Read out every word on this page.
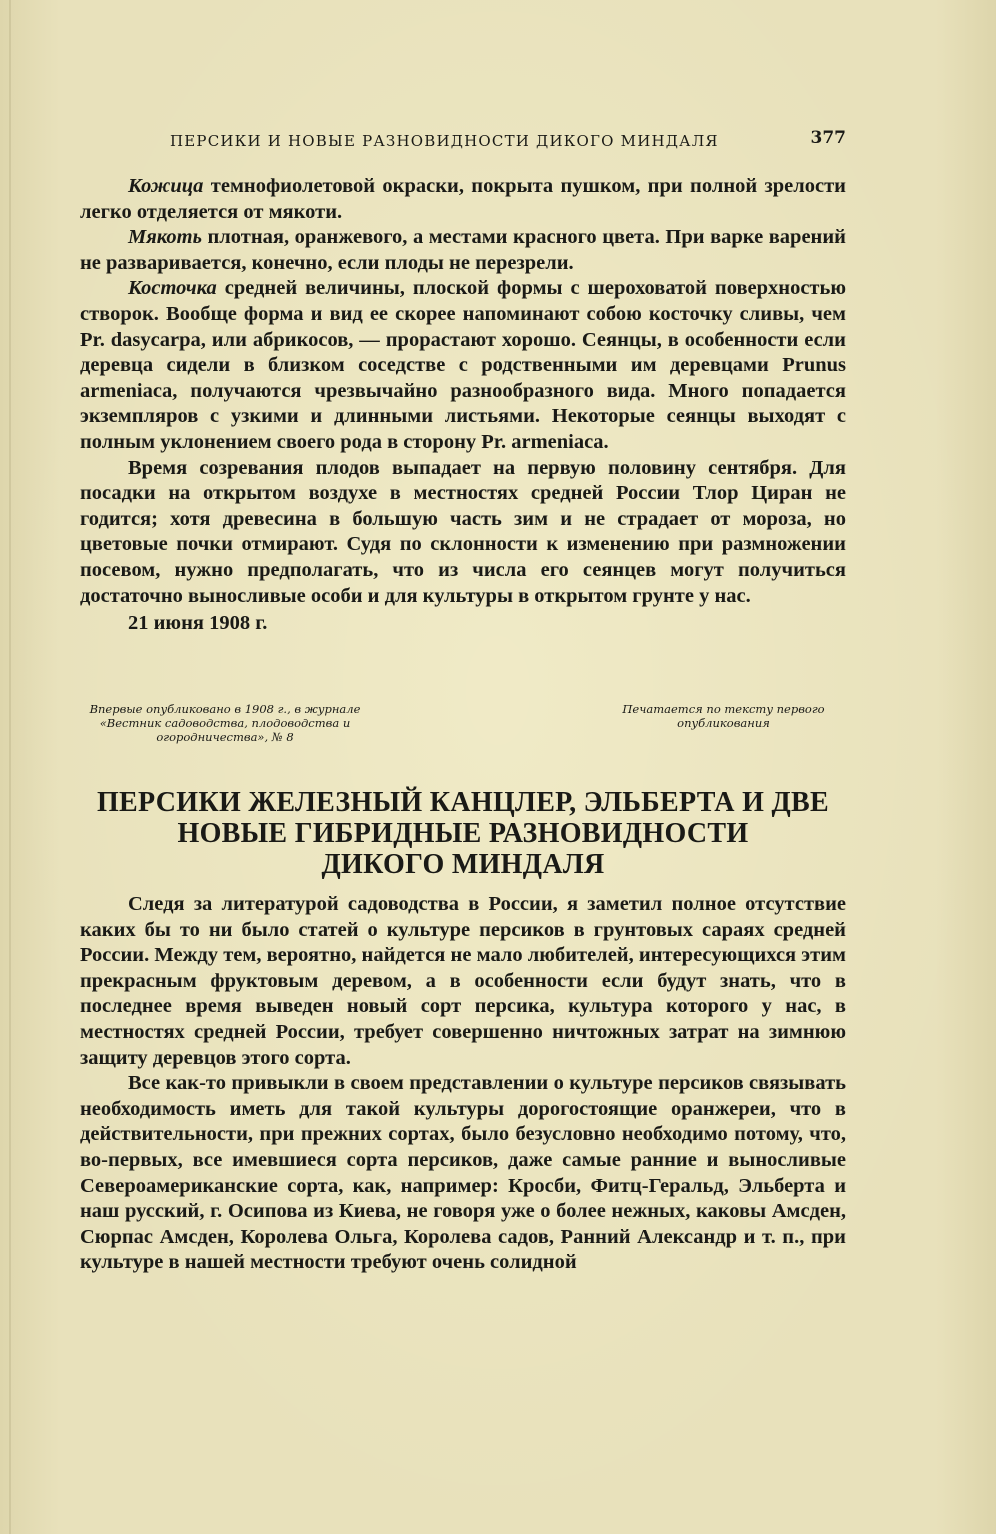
ПЕРСИКИ И НОВЫЕ РАЗНОВИДНОСТИ ДИКОГО МИНДАЛЯ	377

Кожица темнофиолетовой окраски, покрыта пушком, при полной зрелости легко отделяется от мякоти.

Мякоть плотная, оранжевого, а местами красного цвета. При варке варений не разваривается, конечно, если плоды не перезрели.

Косточка средней величины, плоской формы с шероховатой поверхностью створок. Вообще форма и вид ее скорее напоминают собою косточку сливы, чем Pr. dasycarpa, или абрикосов, — прорастают хорошо. Сеянцы, в особенности если деревца сидели в близком соседстве с родственными им деревцами Prunus armeniaca, получаются чрезвычайно разнообразного вида. Много попадается экземпляров с узкими и длинными листьями. Некоторые сеянцы выходят с полным уклонением своего рода в сторону Pr. armeniaca.

Время созревания плодов выпадает на первую половину сентября. Для посадки на открытом воздухе в местностях средней России Тлор Циран не годится; хотя древесина в большую часть зим и не страдает от мороза, но цветовые почки отмирают. Судя по склонности к изменению при размножении посевом, нужно предполагать, что из числа его сеянцев могут получиться достаточно выносливые особи и для культуры в открытом грунте у нас.

21 июня 1908 г.

Впервые опубликовано в 1908 г., в журнале «Вестник садоводства, плодоводства и огородничества», № 8
Печатается по тексту первого опубликования
ПЕРСИКИ ЖЕЛЕЗНЫЙ КАНЦЛЕР, ЭЛЬБЕРТА И ДВЕ
НОВЫЕ ГИБРИДНЫЕ РАЗНОВИДНОСТИ
ДИКОГО МИНДАЛЯ

Следя за литературой садоводства в России, я заметил полное отсутствие каких бы то ни было статей о культуре персиков в грунтовых сараях средней России. Между тем, вероятно, найдется не мало любителей, интересующихся этим прекрасным фруктовым деревом, а в особенности если будут знать, что в последнее время выведен новый сорт персика, культура которого у нас, в местностях средней России, требует совершенно ничтожных затрат на зимнюю защиту деревцов этого сорта.

Все как-то привыкли в своем представлении о культуре персиков связывать необходимость иметь для такой культуры дорогостоящие оранжереи, что в действительности, при прежних сортах, было безусловно необходимо потому, что, во-первых, все имевшиеся сорта персиков, даже самые ранние и выносливые Североамериканские сорта, как, например: Кросби, Фитц-Геральд, Эльберта и наш русский, г. Осипова из Киева, не говоря уже о более нежных, каковы Амсден, Сюрпас Амсден, Королева Ольга, Королева садов, Ранний Александр и т. п., при культуре в нашей местности требуют очень солидной
